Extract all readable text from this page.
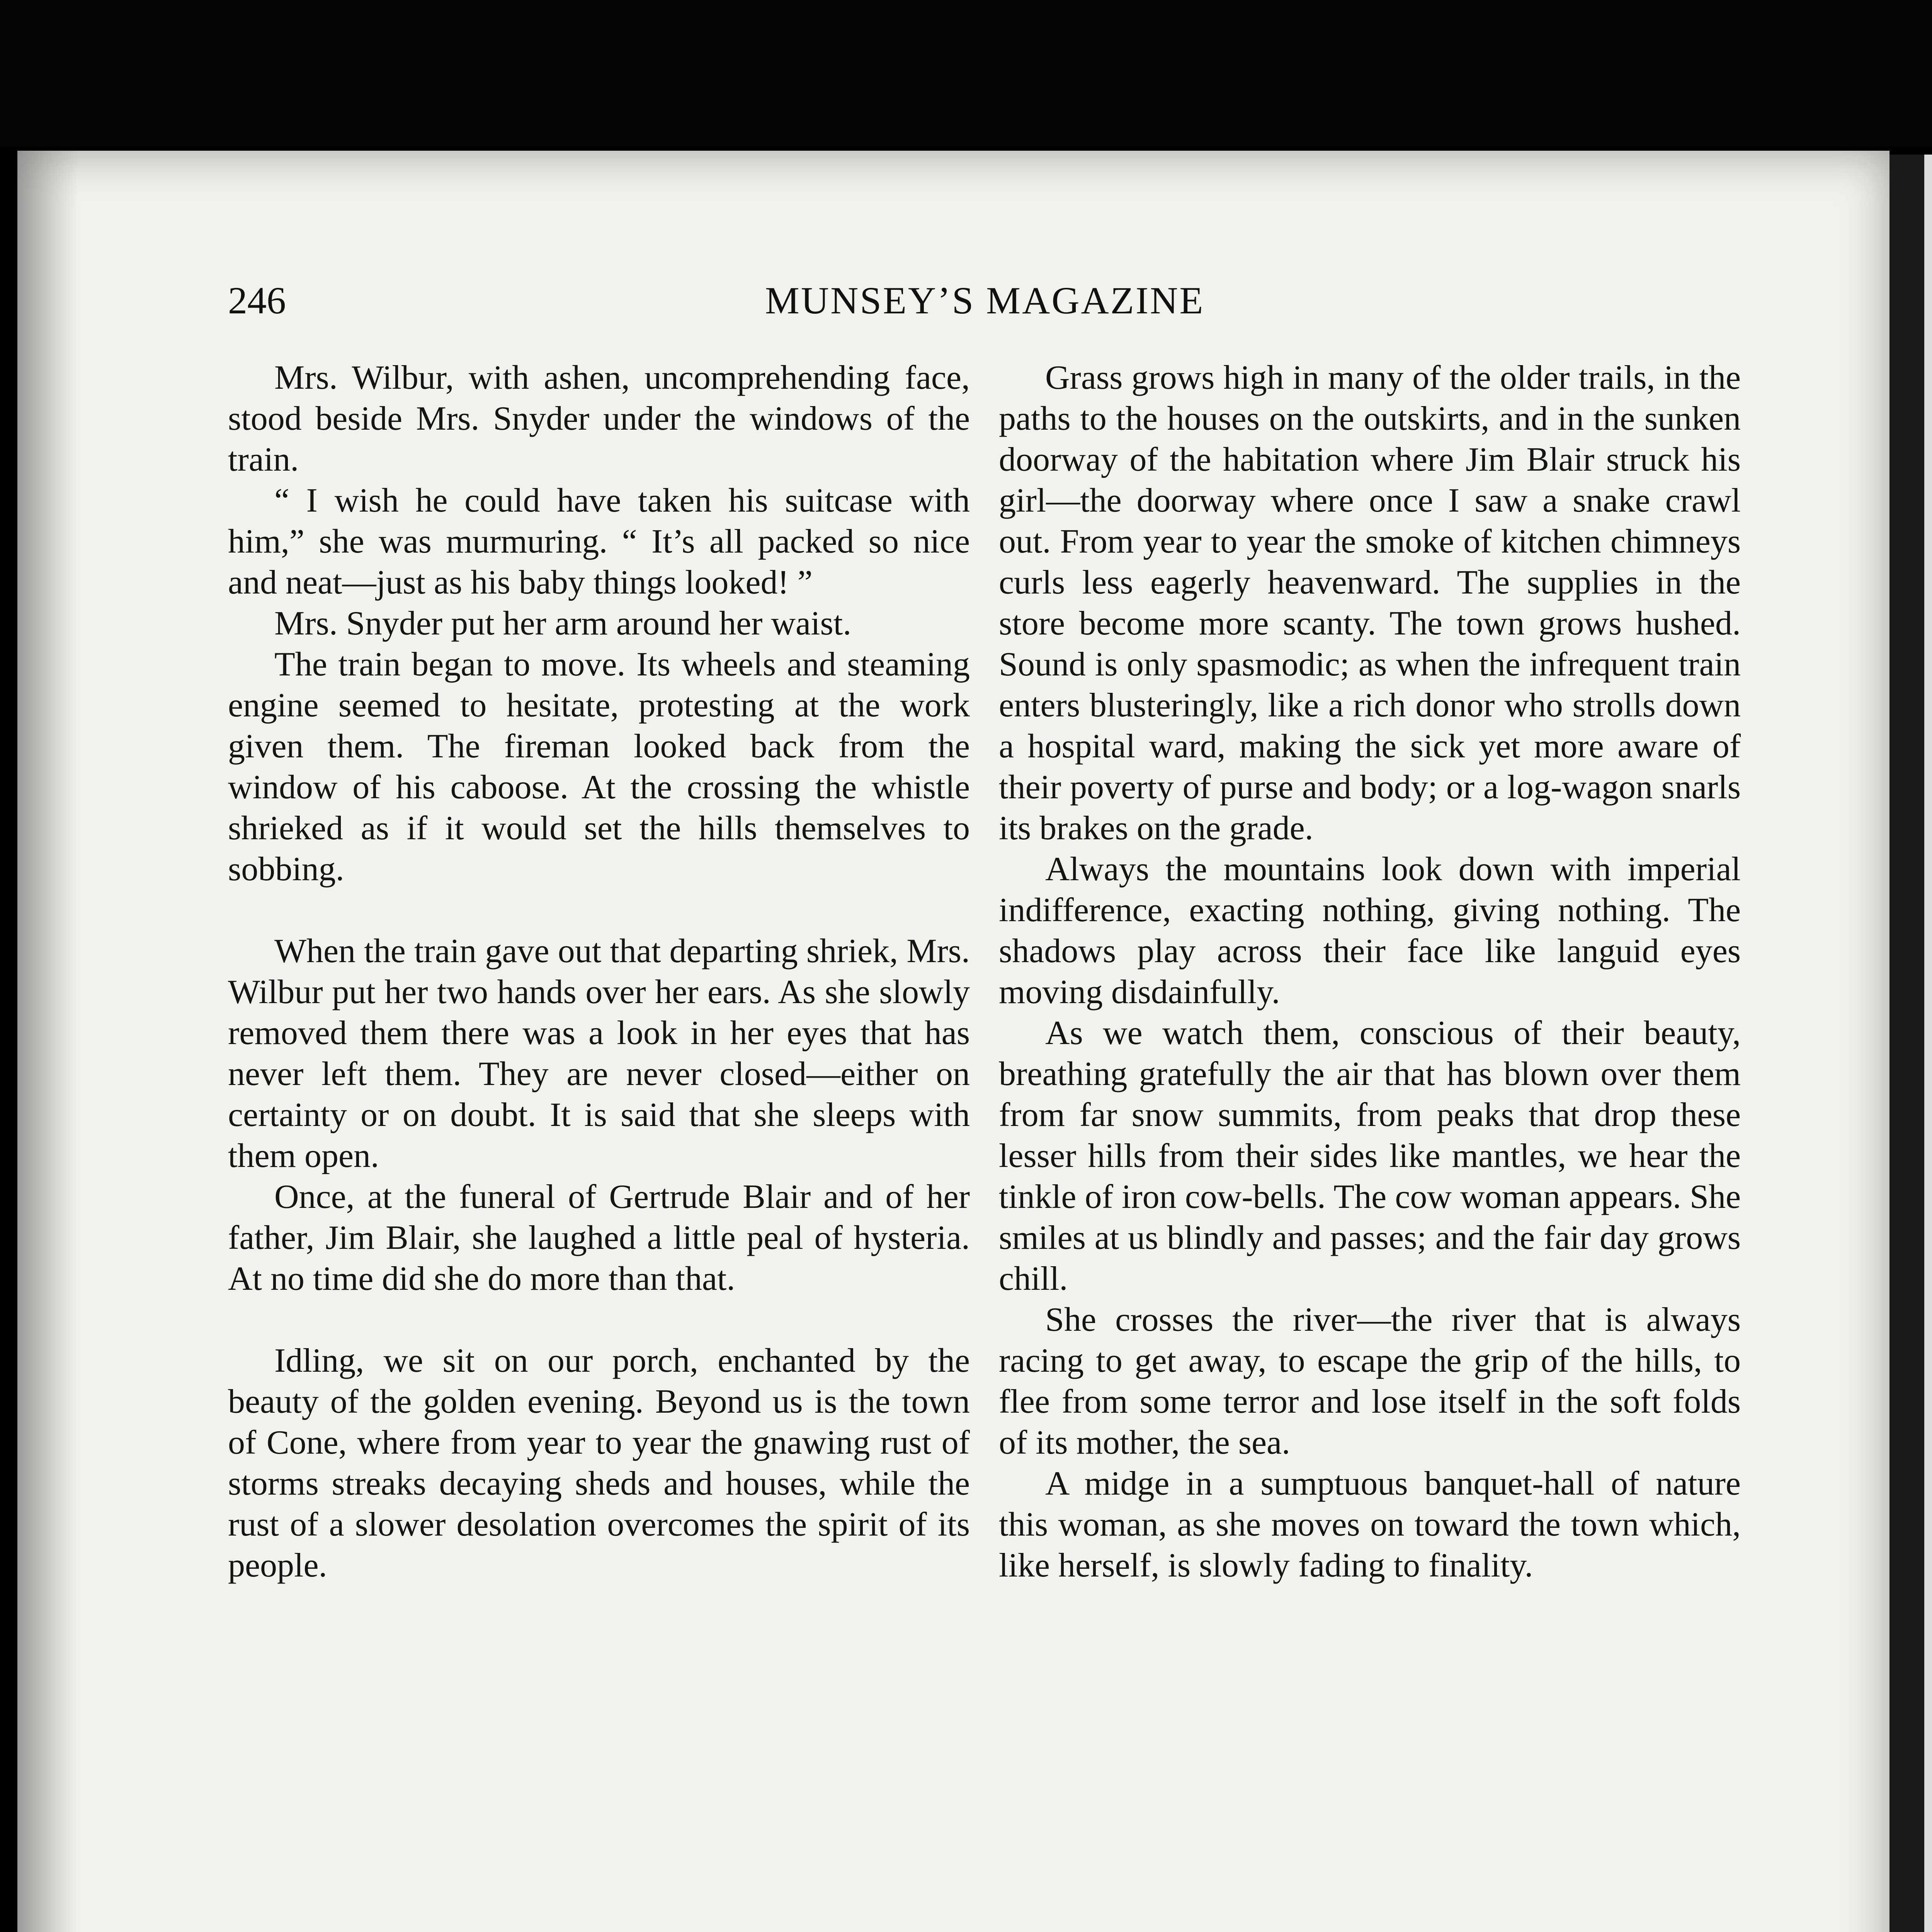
246	MUNSEY’S MAGAZINE

Mrs. Wilbur, with ashen, uncomprehending face, stood beside Mrs. Snyder under the windows of the train.

“ I wish he could have taken his suitcase with him,” she was murmuring. “ It’s all packed so nice and neat—just as his baby things looked! ”

Mrs. Snyder put her arm around her waist.

The train began to move. Its wheels and steaming engine seemed to hesitate, protesting at the work given them. The fireman looked back from the window of his caboose. At the crossing the whistle shrieked as if it would set the hills themselves to sobbing.

When the train gave out that departing shriek, Mrs. Wilbur put her two hands over her ears. As she slowly removed them there was a look in her eyes that has never left them. They are never closed—either on certainty or on doubt. It is said that she sleeps with them open.

Once, at the funeral of Gertrude Blair and of her father, Jim Blair, she laughed a little peal of hysteria. At no time did she do more than that.

Idling, we sit on our porch, enchanted by the beauty of the golden evening. Beyond us is the town of Cone, where from year to year the gnawing rust of storms streaks decaying sheds and houses, while the rust of a slower desolation overcomes the spirit of its people.

Grass grows high in many of the older trails, in the paths to the houses on the outskirts, and in the sunken doorway of the habitation where Jim Blair struck his girl—the doorway where once I saw a snake crawl out. From year to year the smoke of kitchen chimneys curls less eagerly heavenward. The supplies in the store become more scanty. The town grows hushed. Sound is only spasmodic; as when the infrequent train enters blusteringly, like a rich donor who strolls down a hospital ward, making the sick yet more aware of their poverty of purse and body; or a log-wagon snarls its brakes on the grade.

Always the mountains look down with imperial indifference, exacting nothing, giving nothing. The shadows play across their face like languid eyes moving disdainfully.

As we watch them, conscious of their beauty, breathing gratefully the air that has blown over them from far snow summits, from peaks that drop these lesser hills from their sides like mantles, we hear the tinkle of iron cow-bells. The cow woman appears. She smiles at us blindly and passes; and the fair day grows chill.

She crosses the river—the river that is always racing to get away, to escape the grip of the hills, to flee from some terror and lose itself in the soft folds of its mother, the sea.

A midge in a sumptuous banquet-hall of nature this woman, as she moves on toward the town which, like herself, is slowly fading to finality.
